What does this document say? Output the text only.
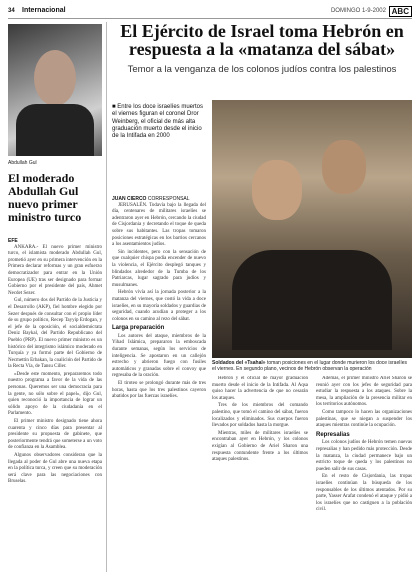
34 Internacional	DOMINGO 1-9-2002 ABC
Abdullah Gul
El moderado Abdullah Gul nuevo primer ministro turco
EFE

ANKARA.- El nuevo primer ministro turco, el islamista moderado Abdullah Gul, prometió ayer en su primera intervención en la Primera declarar reformas y un gran esfuerzo democratizador para entrar en la Unión Europea (UE) tras ser designado para formar Gobierno por el presidente del país, Ahmet Necdet Sezer.

Gul, número dos del Partido de la Justicia y el Desarrollo (AKP), fiel hombre elegido por Sezer después de consultar con el propio líder de su grupo político, Recep Tayyip Erdogan, y el jefe de la oposición, el socialdemócrata Deniz Baykal, del Partido Republicano del Pueblo (PRP). El nuevo primer ministro es un histórico del integrismo islámico moderado en Turquía y ya formó parte del Gobierno de Necmettin Erbakan, la coalición del Partido de la Recta Vía, de Tansu Ciller.

«Desde este momento, prepararemos todo nuestro programa a favor de la vida de las personas. Queremos ser una democracia para la gente, no sólo sobre el papel», dijo Gul, quien reconoció la importancia de lograr un sólido apoyo de la ciudadanía en el Parlamento.

El primer ministro designado tiene ahora cuarenta y cinco días para presentar al presidente su propuesta de gabinete, que posteriormente tendrá que someterse a un voto de confianza en la Asamblea.

Algunos observadores consideran que la llegada al poder de Gul abre una nueva etapa en la política turca, y creen que su moderación será clave para las negociaciones con Bruselas.

El Ejército de Israel toma Hebrón en respuesta a la «matanza del sábat»
Temor a la venganza de los colonos judíos contra los palestinos
■ Entre los doce israelíes muertos el viernes figuran el coronel Dror Weinberg, el oficial de más alta graduación muerto desde el inicio de la Intifada en 2000
JUAN CIERCO CORRESPONSAL

JERUSALÉN. Todavía bajo la llegada del día, centenares de militares israelíes se adentraron ayer en Hebrón, cercando la ciudad de Cisjordania y decretando el toque de queda sobre sus habitantes. Las tropas tomaron posiciones estratégicas en los barrios cercanos a los asentamientos judíos.

Sin incidentes, pero con la sensación de que cualquier chispa podía encender de nuevo la violencia, el Ejército desplegó tanques y blindados alrededor de la Tumba de los Patriarcas, lugar sagrado para judíos y musulmanes.

Hebrón vivía así la jornada posterior a la matanza del viernes, que costó la vida a doce israelíes, en su mayoría soldados y guardias de seguridad, cuando acudían a proteger a los colonos en su camino al rezo del sábat.

Larga preparación

Los autores del ataque, miembros de la Yihad Islámica, prepararon la emboscada durante semanas, según los servicios de inteligencia. Se apostaron en un callejón estrecho y abrieron fuego con fusiles automáticos y granadas sobre el convoy que regresaba de la oración.

El tiroteo se prolongó durante más de tres horas, hasta que los tres palestinos cayeron abatidos por las fuerzas israelíes.

Soldados del «Tsahal» toman posiciones en el lugar donde murieron los doce israelíes el viernes. En segundo plano, vecinos de Hebrón observan la operación

Hebrón y el oficial de mayor graduación muerto desde el inicio de la Intifada. Al Aqsa quiso hacer la advertencia de que no cesarán los ataques.

Tres de los miembros del comando palestino, que tomó el camino del sábat, fueron localizados y eliminados. Sus cuerpos fueron llevados por soldados hasta la morgue.

Mientras, miles de militares israelíes se encontraban ayer en Hebrón, y los colonos exigían al Gobierno de Ariel Sharon una respuesta contundente frente a los últimos ataques palestinos.

Además, el primer ministro Ariel Sharon se reunió ayer con los jefes de seguridad para estudiar la respuesta a los ataques. Sobre la mesa, la ampliación de la presencia militar en los territorios autónomos.

Como tampoco lo hacen las organizaciones palestinas, que se niegan a suspender los ataques mientras continúe la ocupación.

Represalias

Los colonos judíos de Hebrón temen nuevas represalias y han pedido más protección. Desde la matanza, la ciudad permanece bajo un estricto toque de queda y los palestinos no pueden salir de sus casas.

En el resto de Cisjordania, las tropas israelíes continúan la búsqueda de los responsables de los últimos atentados. Por su parte, Yasser Arafat condenó el ataque y pidió a los israelíes que no castiguen a la población civil.
